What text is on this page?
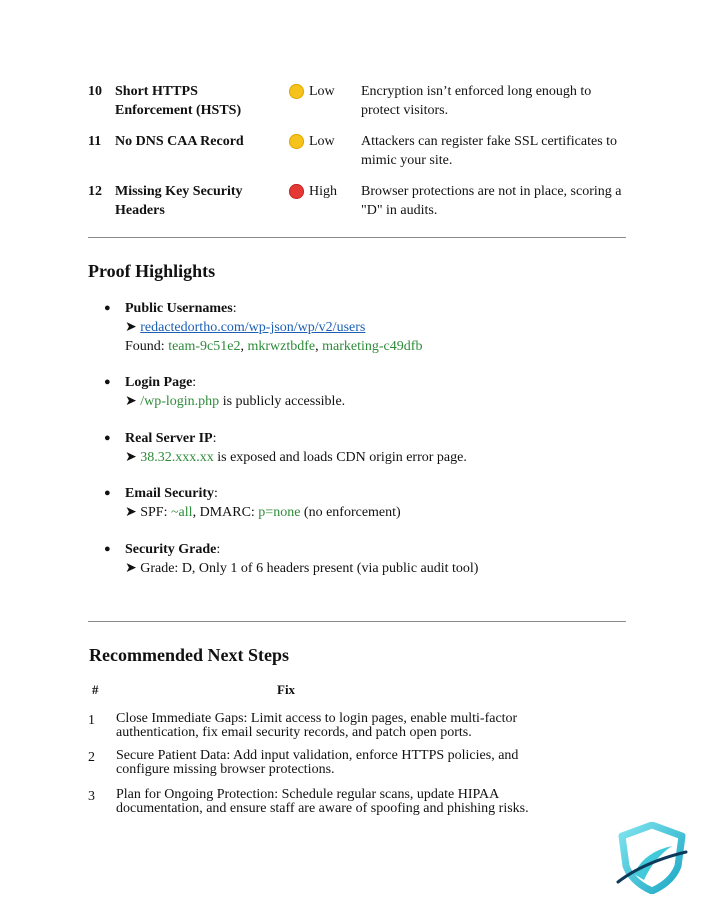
10 Short HTTPS Enforcement (HSTS)
Low Encryption isn’t enforced long enough to protect visitors.
11 No DNS CAA Record	Low Attackers can register fake SSL certificates to mimic your site.
12 Missing Key Security Headers
High Browser protections are not in place, scoring a "D" in audits.
Proof Highlights
● Public Usernames:
➤ redactedortho.com/wp-json/wp/v2/users
Found: team-9c51e2, mkrwztbdfe, marketing-c49dfb
● Login Page:
➤ /wp-login.php is publicly accessible.
● Real Server IP:
➤ 38.32.xxx.xx is exposed and loads CDN origin error page.
● Email Security:
➤ SPF: ~all, DMARC: p=none (no enforcement)
● Security Grade:
➤ Grade: D, Only 1 of 6 headers present (via public audit tool)
Recommended Next Steps
#	Fix
1 Close Immediate Gaps: Limit access to login pages, enable multi-factor
authentication, fix email security records, and patch open ports.
2 Secure Patient Data: Add input validation, enforce HTTPS policies, and
configure missing browser protections.
3 Plan for Ongoing Protection: Schedule regular scans, update HIPAA
documentation, and ensure staff are aware of spoofing and phishing risks.
